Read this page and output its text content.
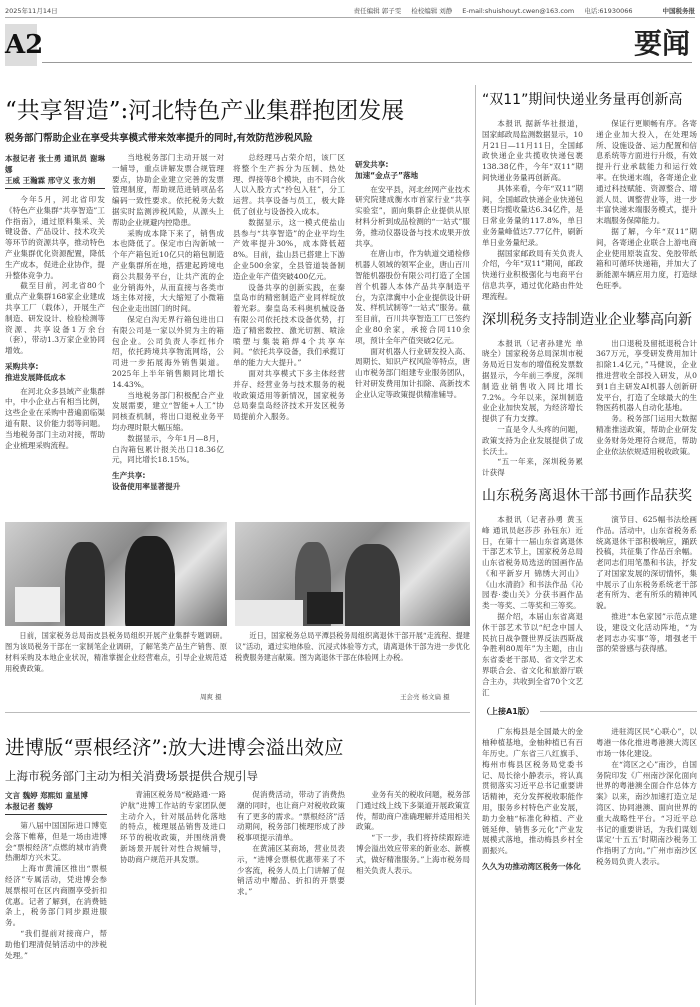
2025年11月14日	责任编辑 郭子雯 检校编辑 刘静 E-mail:shuishouyt.cwen@163.com 电话:61930066	中国税务报
A2	要闻
“共享智造”:河北特色产业集群抱团发展
税务部门帮助企业在享受共享模式带来效率提升的同时,有效防范涉税风险
本报记者 张士勇 通讯员 谢琳娜
王威 王瀚霖 邢守义 张方娟

今年5月，河北省印发《特色产业集群“共享智造”工作指南》，通过原料集采、关键设备、产品设计、技术攻关等环节的资源共享，推动特色产业集群优化资源配置，降低生产成本，促进企业协作，提升整体竞争力。

截至目前，河北省80个重点产业集群168家企业建成共享工厂（载体），开展生产制造、研发设计、检验检测等资源、共享设备1万余台（套），带动1.3万家企业协同增效。

采购共享:
推进发展降低成本

在河北众多县域产业集群中，中小企业占有相当比例，这些企业在采购中普遍面临渠道有限、议价能力弱等问题。当地税务部门主动对接，帮助企业梳理采购流程。

当地税务部门主动开展一对一辅导，重点讲解发票合规管理要点，协助企业建立完善的发票管理制度，帮助规范进销项品名编码一致性要求。依托税务大数据实时监测涉税风险，从源头上帮助企业规避内控隐患。

采购成本降下来了，销售成本也降低了。保定市白沟新城一个年产箱包近10亿只的箱包制造产业集群所在地，搭建起跨境电商公共服务平台，让共产流的企业分销海外，从而直接与各类市场主体对接，大大缩短了小微箱包企业走出国门的时间。

保定白沟无界行箱包进出口有限公司是一家以外贸为主的箱包企业。公司负责人李红伟介绍，依托跨境共享物流网络，公司进一步拓展海外销售渠道。2025年上半年销售额同比增长14.43%。

当地税务部门积极配合产业发展需要，建立“智能+人工”协同核查机制，将出口退税业务平均办理时限大幅压缩。

数据显示，今年1月—8月，白沟箱包累计报关出口18.36亿元，同比增长18.15%。

生产共享:
设备使用率显著提升

总经理马占荣介绍，该厂区将整个生产拆分为压制、热处理、焊接等8个模块，由不同合伙人以入股方式“拎包入驻”，分工运营。共享设备与员工，极大降低了创业与设备投入成本。

数据显示，这一模式使盐山县参与“共享智造”的企业平均生产效率提升30%，成本降低超8%。目前，盐山县已搭建上下游企业500余家，全县管道装备制造企业年产值突破400亿元。

设备共享的创新实践，在秦皇岛市的精密制造产业同样绽放着光彩。秦皇岛禾科奥机械设备有限公司依托技术设备优势，打造了精密数控、激光切割、喷涂喷塑与集装箱焊4个共享车间。“依托共享设备，我们承揽订单的能力大大提升。”

面对共享模式下多主体经营并存、经营业务与技术服务的税收政策适用等新情况，国家税务总局秦皇岛经济技术开发区税务局提前介入服务。

研发共享:
加速“金点子”落地

在安平县，河北丝网产业技术研究院建成衡水市首家行业“共享实验室”，面向集群企业提供从原材料分析到成品检测的“一站式”服务，推动仪器设备与技术成果开放共享。

在唐山市，作为轨道交通检修机器人领域的领军企业，唐山百川智能机器股份有限公司打造了全国首个机器人本体产品共享制造平台，为京津冀中小企业提供设计研发、样机试制等“一站式”服务。截至目前，百川共享智造工厂已签约企业80余家，承接合同110余项，预计全年产值突破2亿元。

面对机器人行业研发投入高、周期长、知识产权风险等特点，唐山市税务部门组建专业服务团队，针对研发费用加计扣除、高新技术企业认定等政策提供精准辅导。

日前，国家税务总局南皮县税务局组织开展产业集群专题调研。图为该局税务干部在一家制笔企业调研，了解笔类产品生产销售、原材料采购及本地企业状况，精准掌握企业经营难点，引导企业规范适用税费政策。
周爽 摄
近日，国家税务总局平潭县税务局组织离退休干部开展“走流程、提建议”活动，通过实地体验、沉浸式体验等方式，请离退休干部为进一步优化税费服务建言献策。图为离退休干部在体验网上办税。
王会亮 杨文扁 摄
进博版“票根经济”:放大进博会溢出效应
上海市税务部门主动为相关消费场景提供合规引导
文言 魏婷 郑熙如 童星博
本报记者 魏婷

第八届中国国际进口博览会落下帷幕，但是一场由进博会“票根经济”点燃的城市消费热潮却方兴未艾。

上海市黄浦区推出“票根经济”专属活动，凭进博会参展票根可在区内商圈享受折扣优惠。记者了解到，在消费链条上，税务部门同步跟进服务。

“我们提前对接商户，帮助他们理清促销活动中的涉税处理。”

青浦区税务局“税路通·一路沪航”进博工作站的专家团队便主动介入，针对展品转化落地的特点，梳理展品销售及进口环节的税收政策，并围绕消费新场景开展针对性合规辅导，协助商户规范开具发票。

促消费活动，带动了消费热潮的同时，也让商户对税收政策有了更多的需求。“票根经济”活动期间，税务部门梳理形成了涉税事项提示清单。

在黄浦区某商场，营业员表示，“进博会票根优惠带来了不少客流，税务人员上门讲解了促销活动中赠品、折扣的开票要求。”

业务有关的税收问题，税务部门通过线上线下多渠道开展政策宣传，帮助商户准确理解并适用相关政策。

“下一步，我们将持续跟踪进博会溢出效应带来的新业态、新模式，做好精准服务。”上海市税务局相关负责人表示。

“双11”期间快递业务量再创新高

本报讯 据新华社报道，国家邮政局监测数据显示，10月21日—11月11日，全国邮政快递企业共揽收快递包裹138.38亿件，今年“双11”期间快递业务量再创新高。

具体来看，今年“双11”期间，全国邮政快递企业快递包裹日均揽收量达6.34亿件，是日常业务量的117.8%，单日业务量峰值达7.77亿件，刷新单日业务量纪录。

据国家邮政局有关负责人介绍，今年“双11”期间，邮政快递行业积极强化与电商平台信息共享，通过优化路由件处理流程。

保证行更顺畅有序。各寄递企业加大投入，在处理场所、设施设备、运力配置和信息系统等方面进行升级，有效提升行业承载能力和运行效率。在快递末端，各寄递企业通过科技赋能、资源整合、增派人员、调整营业等，进一步丰富快递末端服务模式，提升末端服务保障能力。

据了解，今年“双11”期间，各寄递企业联合上游电商企业使用原装直发、免胶带纸箱和可循环快递箱，并加大了新能源车辆应用力度，打造绿色旺季。

深圳税务支持制造业企业攀高向新

本报讯（记者孙建光 单晓全）国家税务总局深圳市税务局近日发布的增值税发票数据显示，今年前三季度，深圳制造业销售收入同比增长7.2%。今年以来，深圳制造业企业加快发展，为经济增长提供了有力支撑。

一直是令人头疼的问题，政策支持为企业发展提供了成长沃土。

“五一年来，深圳税务累计获得

出口退税及留抵退税合计367万元，享受研发费用加计扣除1.4亿元，”马健说，企业推进营收全部投入研发，从0到1自主研发AI机器人创新研发平台，打造了全球最大的生物医药机器人自动化基地。

务。税务部门运用大数据精准推送政策，帮助企业研发业务财务处理符合规范，帮助企业依法依规适用税收政策。

山东税务离退休干部书画作品获奖

本报讯（记者孙勇 黄玉峰 通讯员赵莎莎 孙钰东）近日，在第十一届山东省离退休干部艺术节上，国家税务总局山东省税务局选送的国画作品《和平新岁月 锦绣大河山》《山水清韵》和书法作品《沁园春·娄山关》分获书画作品类一等奖、二等奖和三等奖。

据介绍，本届山东省离退休干部艺术节以“纪念中国人民抗日战争暨世界反法西斯战争胜利80周年”为主题，由山东省委老干部局、省文学艺术界联合会、省文化和旅游厅联合主办，共收到全省70个文艺汇

演节目、625幅书法绘画作品。活动中，山东省税务系统离退休干部积极响应，踊跃投稿，共征集了作品百余幅。老同志们用笔墨和书法，抒发了对国家发展的深切情怀，集中展示了山东税务系统老干部老有所为、老有所乐的精神风貌。

推进“本色家园”示范点建设，建设文化活动阵地，“为老同志办实事”等，增强老干部的荣誉感与获得感。

（上接A1版）

广东梅县是全国最大的金柚种植基地，金柚种植已有百年历史。广东省三八红旗手、梅州市梅县区税务局党委书记、局长徐小静表示，将认真贯彻落实习近平总书记重要讲话精神，充分发挥税收职能作用，服务乡村特色产业发展，助力金柚“标准化种植、产业链延伸、销售多元化”产业发展模式落地，推动梅县乡村全面振兴。

久久为功推动湾区税务一体化

进驻湾区民“心联心”，以粤港一体化推进粤港澳大湾区市场一体化建设。

在“湾区之心”南沙，自国务院印发《广州南沙深化面向世界的粤港澳全面合作总体方案》以来，南沙加速打造立足湾区、协同港澳、面向世界的重大战略性平台。“习近平总书记的重要讲话，为我们谋划谋定‘十五五’时期南沙税务工作指明了方向。”广州市南沙区税务局负责人表示。
